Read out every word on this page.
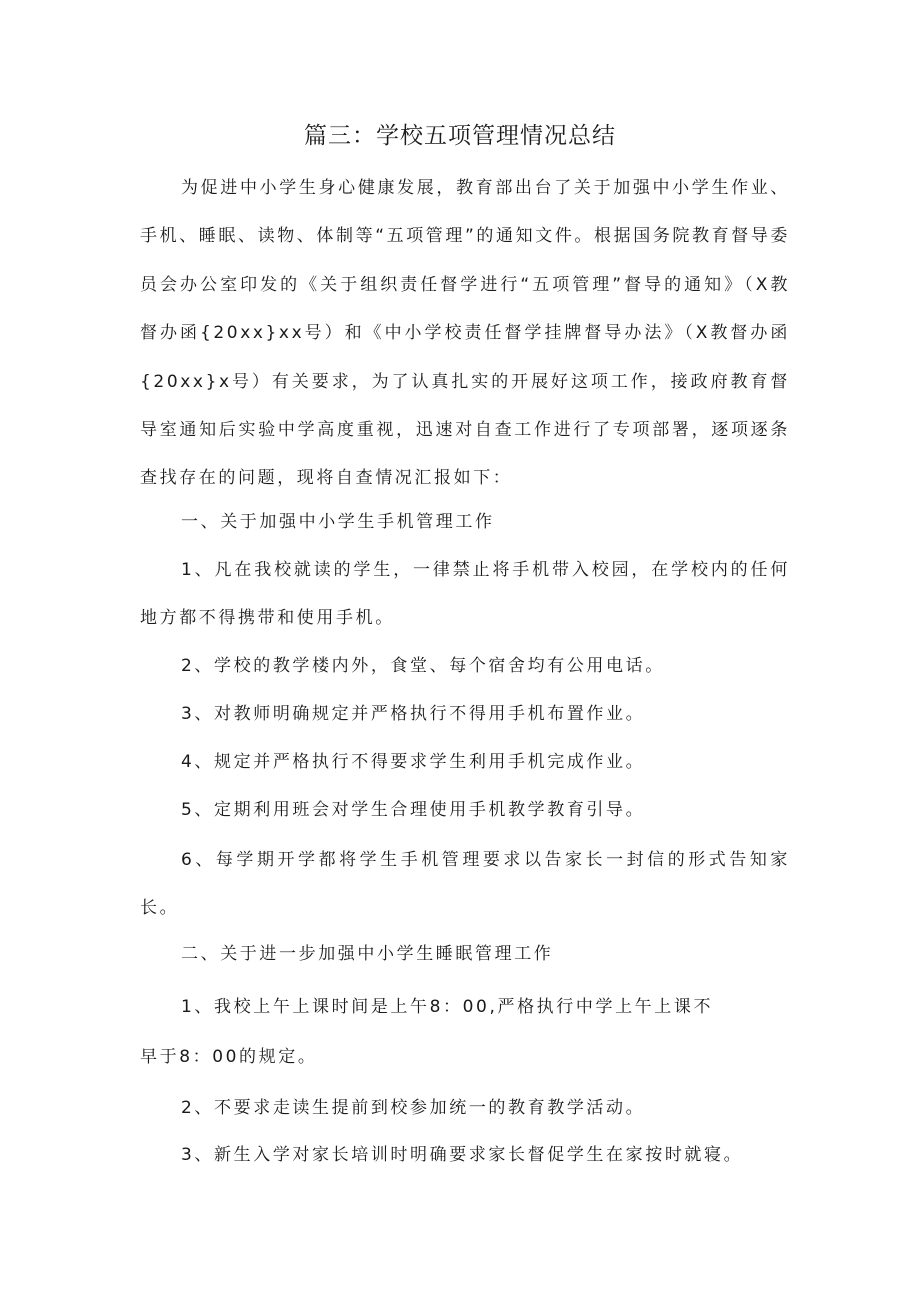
篇三：学校五项管理情况总结

为促进中小学生身心健康发展，教育部出台了关于加强中小学生作业、手机、睡眠、读物、体制等“五项管理”的通知文件。根据国务院教育督导委员会办公室印发的《关于组织责任督学进行“五项管理”督导的通知》（X教督办函{20xx}xx号）和《中小学校责任督学挂牌督导办法》（X教督办函{20xx}x号）有关要求，为了认真扎实的开展好这项工作，接政府教育督导室通知后实验中学高度重视，迅速对自查工作进行了专项部署，逐项逐条查找存在的问题，现将自查情况汇报如下：

一、关于加强中小学生手机管理工作

1、凡在我校就读的学生，一律禁止将手机带入校园，在学校内的任何地方都不得携带和使用手机。

2、学校的教学楼内外，食堂、每个宿舍均有公用电话。
3、对教师明确规定并严格执行不得用手机布置作业。
4、规定并严格执行不得要求学生利用手机完成作业。
5、定期利用班会对学生合理使用手机教学教育引导。

6、每学期开学都将学生手机管理要求以告家长一封信的形式告知家长。

二、关于进一步加强中小学生睡眠管理工作
1、我校上午上课时间是上午8：00,严格执行中学上午上课不
早于8：00的规定。
2、不要求走读生提前到校参加统一的教育教学活动。
3、新生入学对家长培训时明确要求家长督促学生在家按时就寝。
